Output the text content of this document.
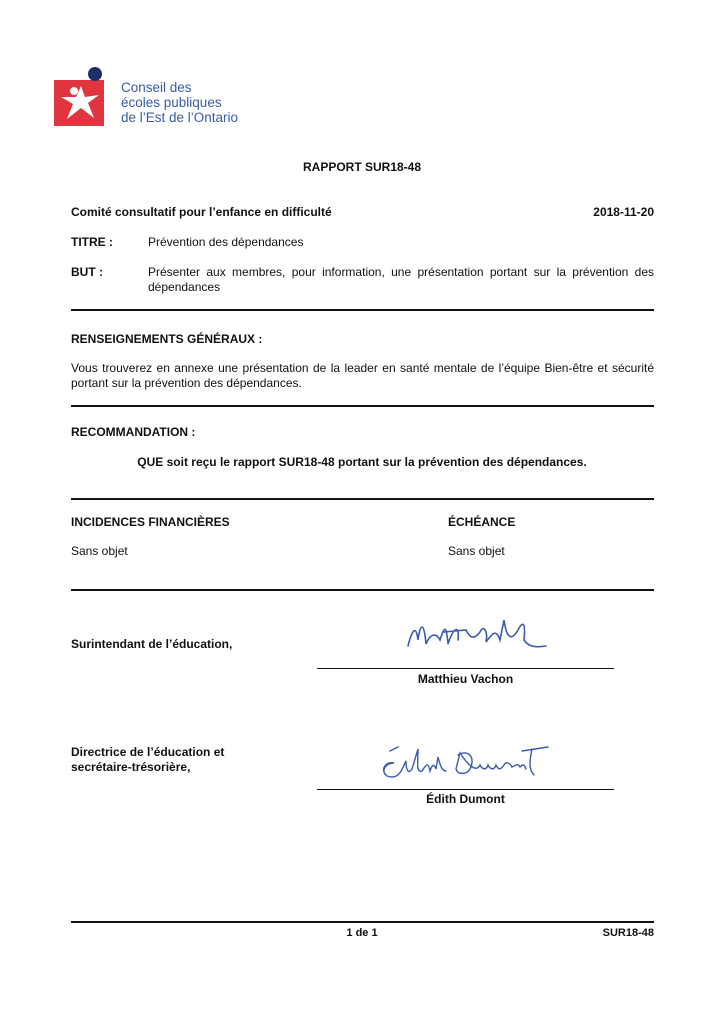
Conseil des
écoles publiques
de l’Est de l’Ontario
RAPPORT SUR18-48
Comité consultatif pour l’enfance en difficulté	2018-11-20
TITRE :	Prévention des dépendances
BUT :	Présenter aux membres, pour information, une présentation portant sur la prévention des dépendances
RENSEIGNEMENTS GÉNÉRAUX :
Vous trouverez en annexe une présentation de la leader en santé mentale de l’équipe Bien-être et sécurité portant sur la prévention des dépendances.
RECOMMANDATION :
QUE soit reçu le rapport SUR18-48 portant sur la prévention des dépendances.
INCIDENCES FINANCIÈRES	ÉCHÉANCE
Sans objet	Sans objet
Surintendant de l’éducation,
Matthieu Vachon
Directrice de l’éducation et
secrétaire-trésorière,
Édith Dumont
1 de 1	SUR18-48
